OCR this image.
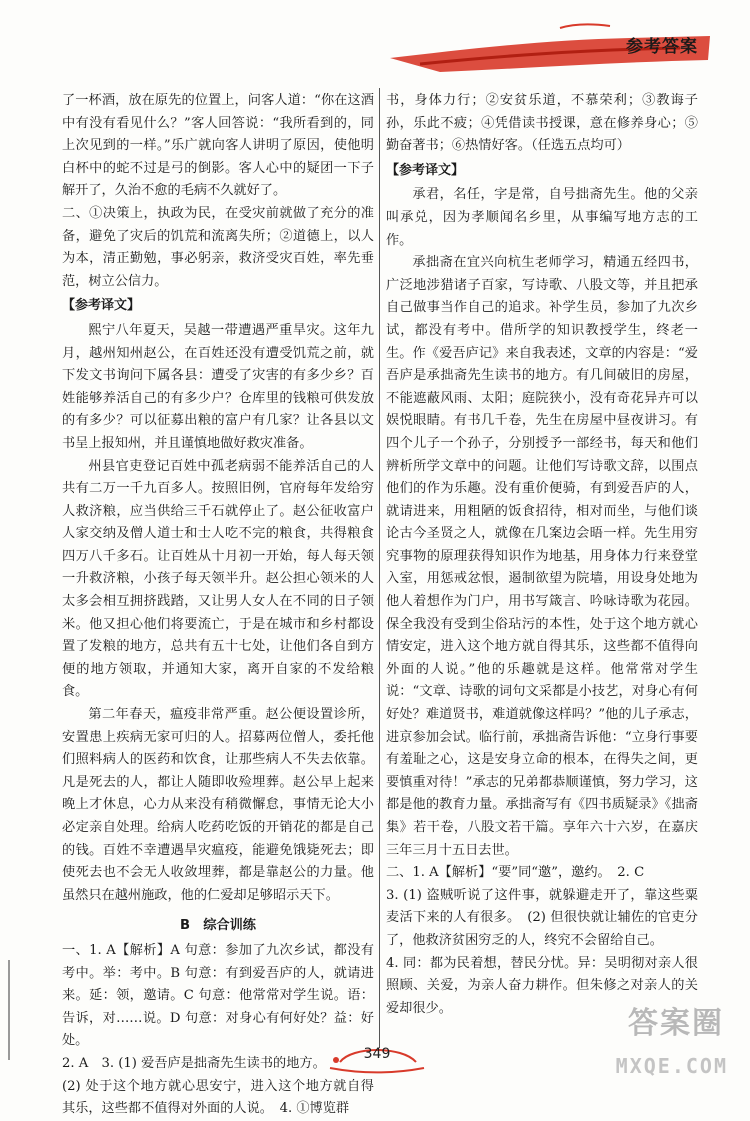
参考答案

了一杯酒，放在原先的位置上，问客人道：“你在这酒中有没有看见什么？”客人回答说：“我所看到的，同上次见到的一样。”乐广就向客人讲明了原因，使他明白杯中的蛇不过是弓的倒影。客人心中的疑团一下子解开了，久治不愈的毛病不久就好了。

二、①决策上，执政为民，在受灾前就做了充分的准备，避免了灾后的饥荒和流离失所；②道德上，以人为本，清正勤勉，事必躬亲，救济受灾百姓，率先垂范，树立公信力。

【参考译文】

熙宁八年夏天，吴越一带遭遇严重旱灾。这年九月，越州知州赵公，在百姓还没有遭受饥荒之前，就下发文书询问下属各县：遭受了灾害的有多少乡？百姓能够养活自己的有多少户？仓库里的钱粮可供发放的有多少？可以征募出粮的富户有几家？让各县以文书呈上报知州，并且谨慎地做好救灾准备。

州县官吏登记百姓中孤老病弱不能养活自己的人共有二万一千九百多人。按照旧例，官府每年发给穷人救济粮，应当供给三千石就停止了。赵公征收富户人家交纳及僧人道士和士人吃不完的粮食，共得粮食四万八千多石。让百姓从十月初一开始，每人每天领一升救济粮，小孩子每天领半升。赵公担心领米的人太多会相互拥挤践踏，又让男人女人在不同的日子领米。他又担心他们将要流亡，于是在城市和乡村都设置了发粮的地方，总共有五十七处，让他们各自到方便的地方领取，并通知大家，离开自家的不发给粮食。

第二年春天，瘟疫非常严重。赵公便设置诊所，安置患上疾病无家可归的人。招募两位僧人，委托他们照料病人的医药和饮食，让那些病人不失去依靠。凡是死去的人，都让人随即收殓埋葬。赵公早上起来晚上才休息，心力从来没有稍微懈怠，事情无论大小必定亲自处理。给病人吃药吃饭的开销花的都是自己的钱。百姓不幸遭遇旱灾瘟疫，能避免饿毙死去；即使死去也不会无人收敛埋葬，都是靠赵公的力量。他虽然只在越州施政，他的仁爱却足够昭示天下。

B　综合训练

一、1. A【解析】A 句意：参加了九次乡试，都没有考中。举：考中。B 句意：有到爱吾庐的人，就请进来。延：领，邀请。C 句意：他常常对学生说。语：告诉，对……说。D 句意：对身心有何好处？益：好处。

2. A　3. (1) 爱吾庐是拙斋先生读书的地方。

(2) 处于这个地方就心思安宁，进入这个地方就自得其乐，这些都不值得对外面的人说。　4. ①博览群

书，身体力行；②安贫乐道，不慕荣利；③教诲子孙，乐此不疲；④凭借读书授课，意在修养身心；⑤勤奋著书；⑥热情好客。（任选五点均可）

【参考译文】

承君，名任，字是常，自号拙斋先生。他的父亲叫承兑，因为孝顺闻名乡里，从事编写地方志的工作。

承拙斋在宜兴向杭生老师学习，精通五经四书，广泛地涉猎诸子百家，写诗歌、八股文等，并且把承自己做事当作自己的追求。补学生员，参加了九次乡试，都没有考中。借所学的知识教授学生，终老一生。作《爱吾庐记》来自我表述，文章的内容是：“爱吾庐是承拙斋先生读书的地方。有几间破旧的房屋，不能遮蔽风雨、太阳；庭院狭小，没有奇花异卉可以娱悦眼睛。有书几千卷，先生在房屋中昼夜讲习。有四个儿子一个孙子，分别授予一部经书，每天和他们辨析所学文章中的问题。让他们写诗歌文辞，以围点他们的作为乐趣。没有重价便骑，有到爱吾庐的人，就请进来，用粗陋的饭食招待，相对而坐，与他们谈论古今圣贤之人，就像在几案边会晤一样。先生用穷究事物的原理获得知识作为地基，用身体力行来登堂入室，用惩戒忿恨，遏制欲望为院墙，用设身处地为他人着想作为门户，用书写箴言、吟咏诗歌为花园。保全我没有受到尘俗玷污的本性，处于这个地方就心情安定，进入这个地方就自得其乐，这些都不值得向外面的人说。”他的乐趣就是这样。他常常对学生说：“文章、诗歌的词句文采都是小技艺，对身心有何好处？难道贤书，难道就像这样吗？”他的儿子承志，进京参加会试。临行前，承拙斋告诉他：“立身行事要有羞耻之心，这是安身立命的根本，在得失之间，更要慎重对待！”承志的兄弟都恭顺谨慎，努力学习，这都是他的教育力量。承拙斋写有《四书质疑录》《拙斋集》若干卷，八股文若干篇。享年六十六岁，在嘉庆三年三月十五日去世。

二、1. A【解析】“要”同“邀”，邀约。　2. C

3. (1) 盗贼听说了这件事，就躲避走开了，靠这些粟麦活下来的人有很多。　(2) 但很快就让辅佐的官吏分了，他救济贫困穷乏的人，终究不会留给自己。

4. 同：都为民着想，替民分忧。异：吴明彻对亲人很照顾、关爱，为亲人奋力耕作。但朱修之对亲人的关爱却很少。

349
答案圈
MXQE.COM
